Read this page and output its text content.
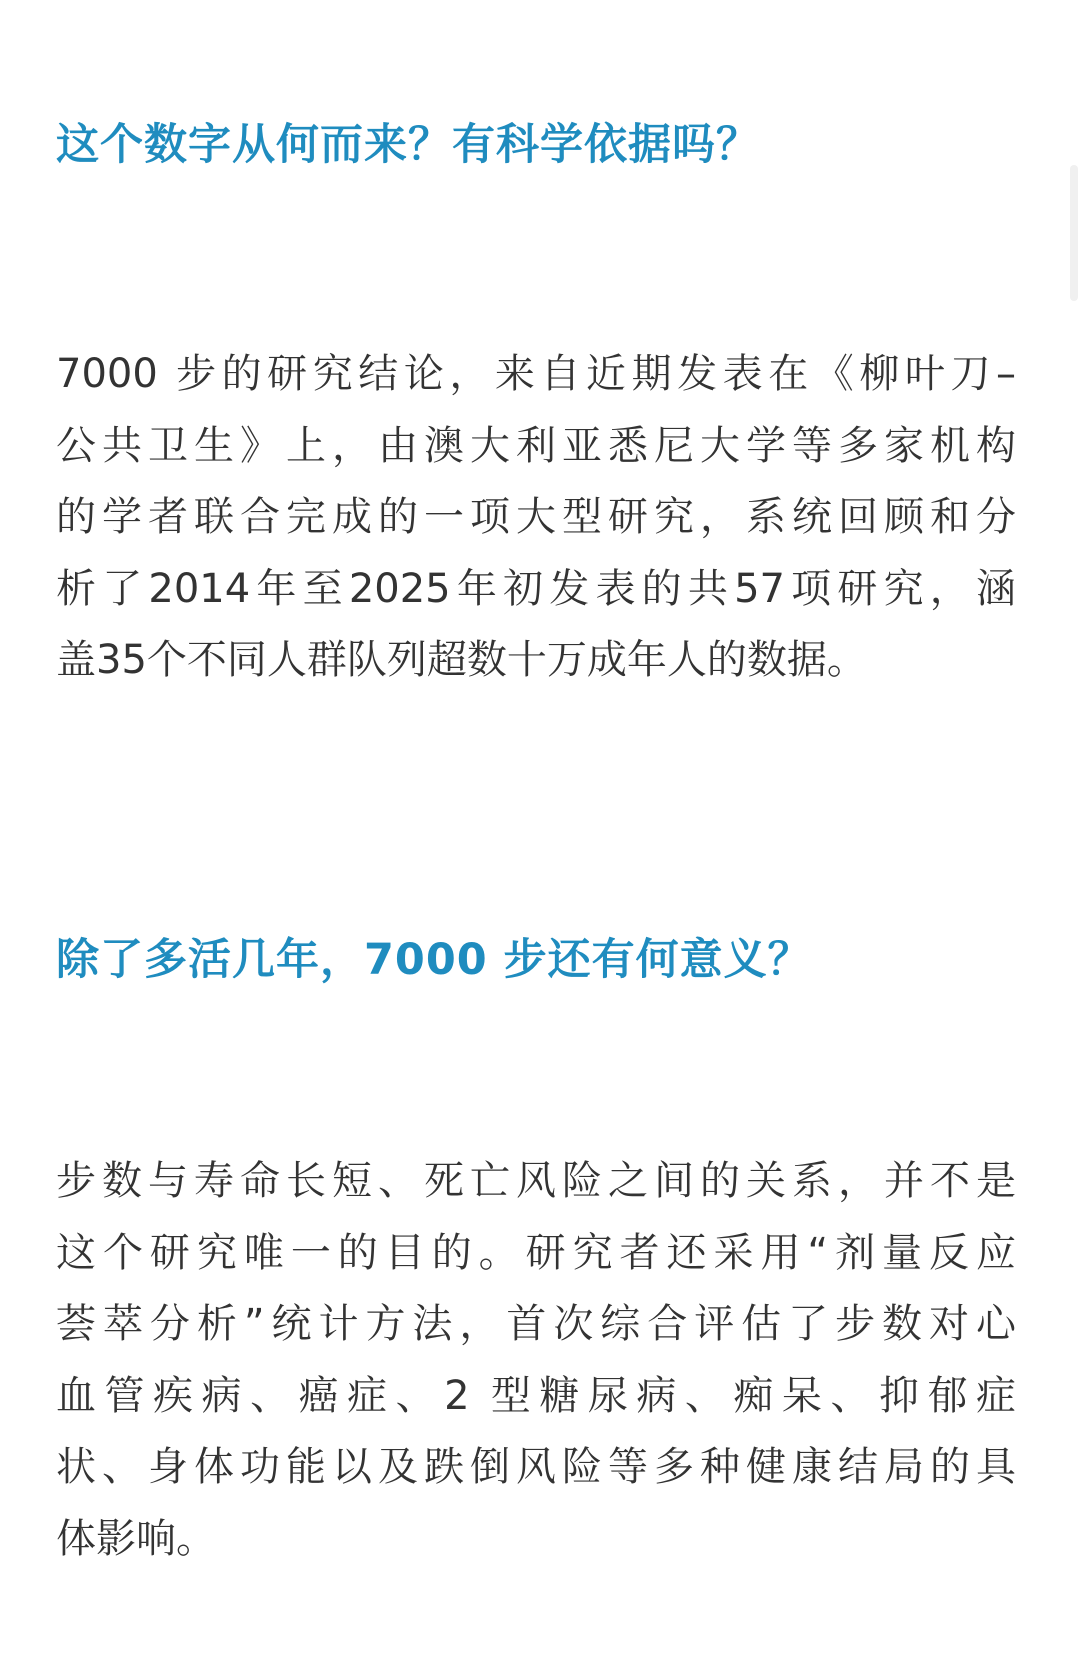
这个数字从何而来？有科学依据吗？
7000 步的研究结论，来自近期发表在《柳叶刀–
公共卫生》上，由澳大利亚悉尼大学等多家机构
的学者联合完成的一项大型研究，系统回顾和分
析了2014年至2025年初发表的共57项研究，涵
盖35个不同人群队列超数十万成年人的数据。
除了多活几年，7000 步还有何意义？
步数与寿命长短、死亡风险之间的关系，并不是
这个研究唯一的目的。研究者还采用“剂量反应
荟萃分析”统计方法，首次综合评估了步数对心
血管疾病、癌症、2 型糖尿病、痴呆、抑郁症
状、身体功能以及跌倒风险等多种健康结局的具
体影响。
